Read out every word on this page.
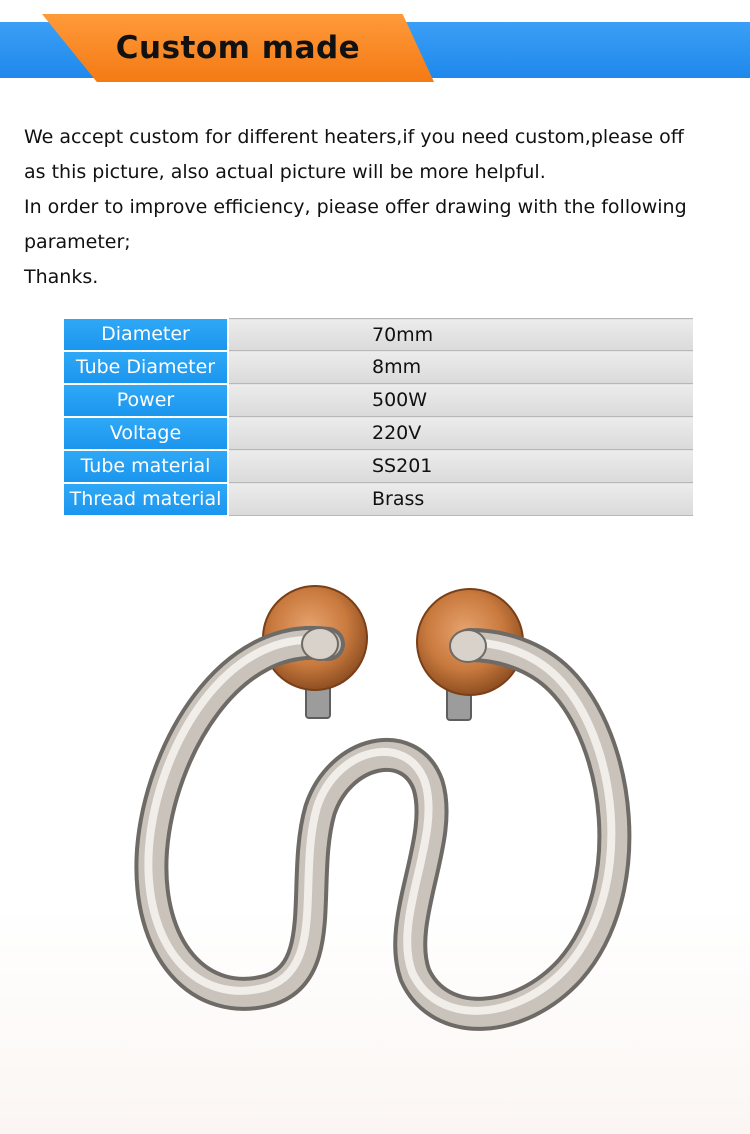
Custom made

We accept custom for different heaters,if you need custom,please off

as this picture, also actual picture will be more helpful.

In order to improve efficiency, piease offer drawing with the following

parameter;

Thanks.

Diameter	70mm
Tube Diameter	8mm
Power	500W
Voltage	220V
Tube material	SS201
Thread material	Brass
